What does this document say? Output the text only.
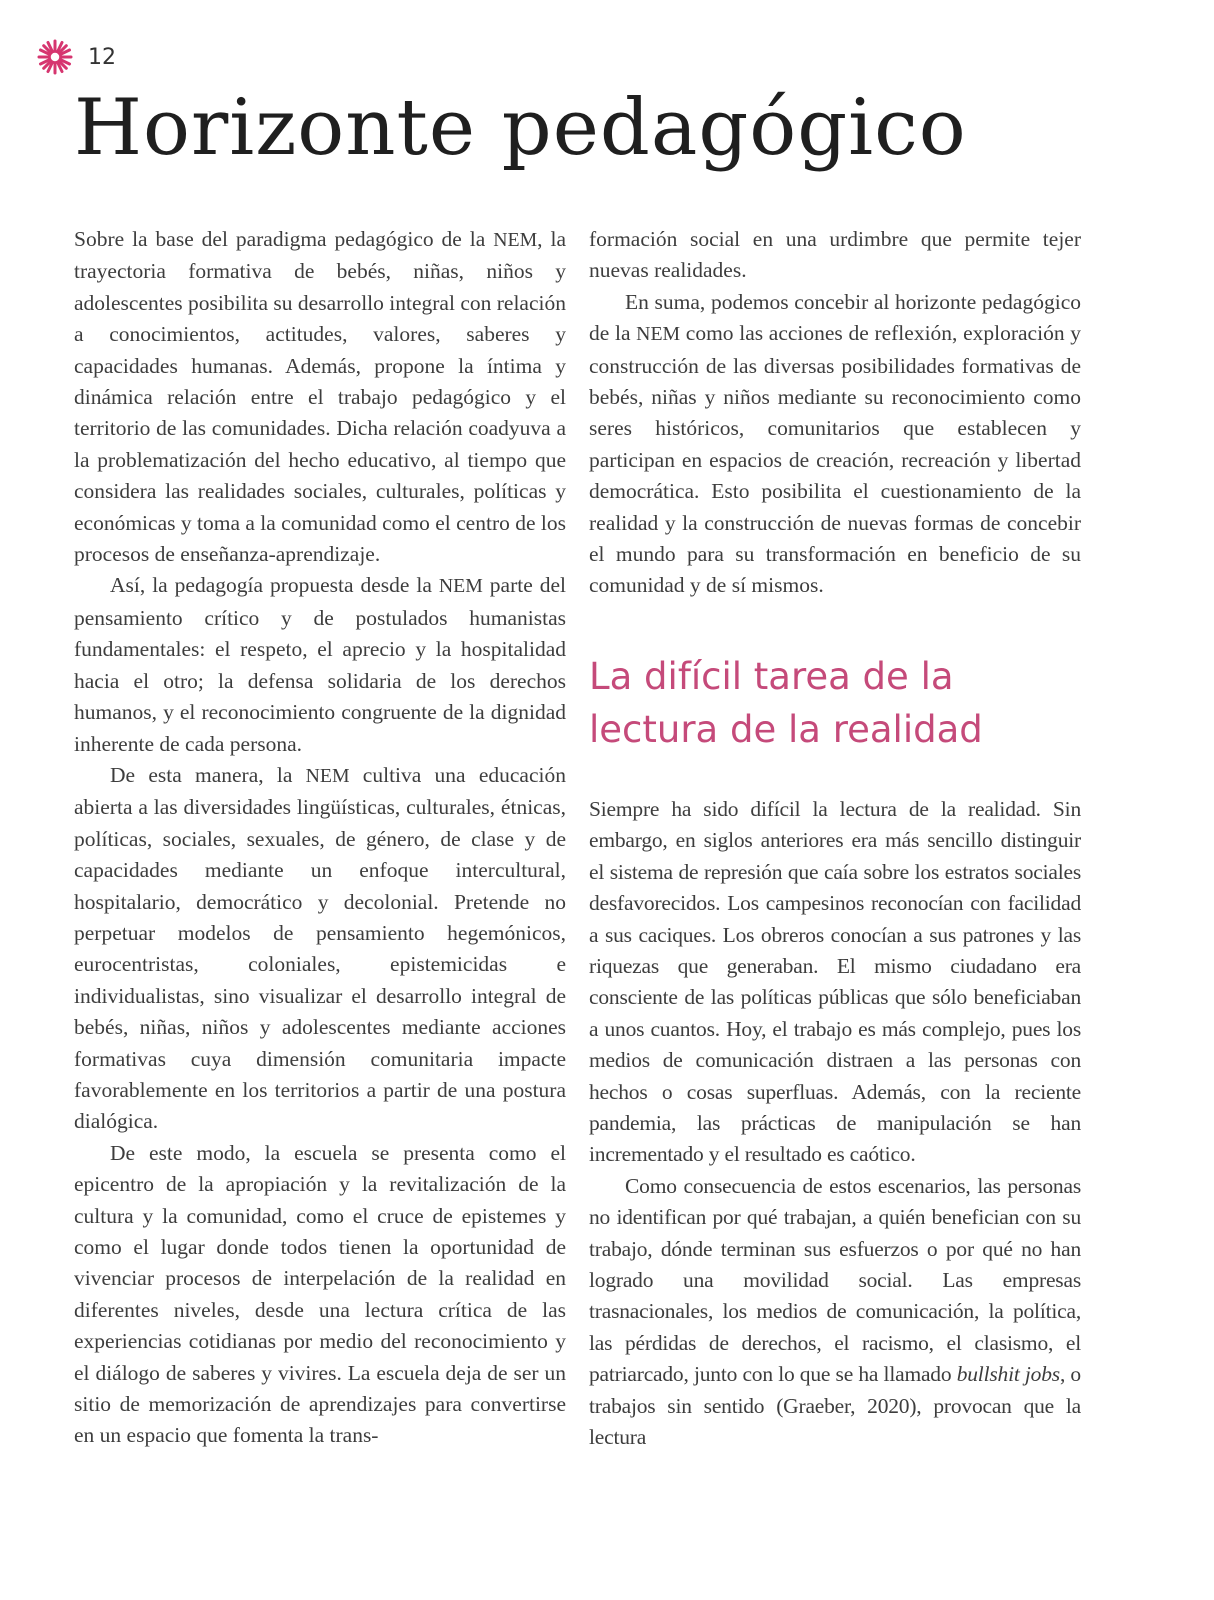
12
Horizonte pedagógico

Sobre la base del paradigma pedagógico de la NEM, la trayectoria formativa de bebés, niñas, niños y adolescentes posibilita su desarrollo integral con relación a conocimientos, actitudes, valores, saberes y capacidades humanas. Además, propone la íntima y dinámica relación entre el trabajo pedagógico y el territorio de las comunidades. Dicha relación coadyuva a la problematización del hecho educativo, al tiempo que considera las realidades sociales, culturales, políticas y económicas y toma a la comunidad como el centro de los procesos de enseñanza-aprendizaje.

Así, la pedagogía propuesta desde la NEM parte del pensamiento crítico y de postulados humanistas fundamentales: el respeto, el aprecio y la hospitalidad hacia el otro; la defensa solidaria de los derechos humanos, y el reconocimiento congruente de la dignidad inherente de cada persona.

De esta manera, la NEM cultiva una educación abierta a las diversidades lingüísticas, culturales, étnicas, políticas, sociales, sexuales, de género, de clase y de capacidades mediante un enfoque intercultural, hospitalario, democrático y decolonial. Pretende no perpetuar modelos de pensamiento hegemónicos, eurocentristas, coloniales, epistemicidas e individualistas, sino visualizar el desarrollo integral de bebés, niñas, niños y adolescentes mediante acciones formativas cuya dimensión comunitaria impacte favorablemente en los territorios a partir de una postura dialógica.

De este modo, la escuela se presenta como el epicentro de la apropiación y la revitalización de la cultura y la comunidad, como el cruce de epistemes y como el lugar donde todos tienen la oportunidad de vivenciar procesos de interpelación de la realidad en diferentes niveles, desde una lectura crítica de las experiencias cotidianas por medio del reconocimiento y el diálogo de saberes y vivires. La escuela deja de ser un sitio de memorización de aprendizajes para convertirse en un espacio que fomenta la trans-

formación social en una urdimbre que permite tejer nuevas realidades.

En suma, podemos concebir al horizonte pedagógico de la NEM como las acciones de reflexión, exploración y construcción de las diversas posibilidades formativas de bebés, niñas y niños mediante su reconocimiento como seres históricos, comunitarios que establecen y participan en espacios de creación, recreación y libertad democrática. Esto posibilita el cuestionamiento de la realidad y la construcción de nuevas formas de concebir el mundo para su transformación en beneficio de su comunidad y de sí mismos.

La difícil tarea de la
lectura de la realidad

Siempre ha sido difícil la lectura de la realidad. Sin embargo, en siglos anteriores era más sencillo distinguir el sistema de represión que caía sobre los estratos sociales desfavorecidos. Los campesinos reconocían con facilidad a sus caciques. Los obreros conocían a sus patrones y las riquezas que generaban. El mismo ciudadano era consciente de las políticas públicas que sólo beneficiaban a unos cuantos. Hoy, el trabajo es más complejo, pues los medios de comunicación distraen a las personas con hechos o cosas superfluas. Además, con la reciente pandemia, las prácticas de manipulación se han incrementado y el resultado es caótico.

Como consecuencia de estos escenarios, las personas no identifican por qué trabajan, a quién benefician con su trabajo, dónde terminan sus esfuerzos o por qué no han logrado una movilidad social. Las empresas trasnacionales, los medios de comunicación, la política, las pérdidas de derechos, el racismo, el clasismo, el patriarcado, junto con lo que se ha llamado bullshit jobs, o trabajos sin sentido (Graeber, 2020), provocan que la lectura
